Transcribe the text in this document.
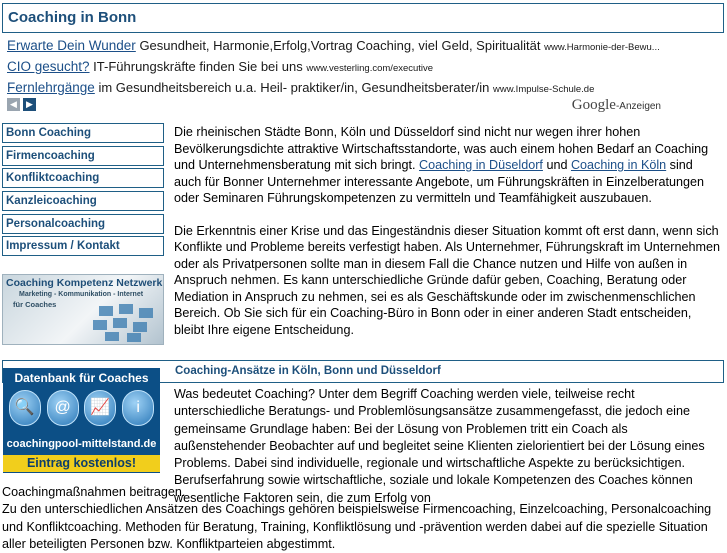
Coaching in Bonn
Erwarte Dein Wunder Gesundheit, Harmonie,Erfolg,Vortrag Coaching, viel Geld, Spiritualität www.Harmonie-der-Bewu...
CIO gesucht? IT-Führungskräfte finden Sie bei uns www.vesterling.com/executive
Fernlehrgänge im Gesundheitsbereich u.a. Heil- praktiker/in, Gesundheitsberater/in www.Impulse-Schule.de
◀	▶	Google -Anzeigen
Bonn Coaching
Firmencoaching
Konfliktcoaching
Kanzleicoaching
Personalcoaching
Impressum / Kontakt
Coaching Kompetenz Netzwerk
Marketing - Kommunikation - Internet
für Coaches

Die rheinischen Städte Bonn, Köln und Düsseldorf sind nicht nur wegen ihrer hohen Bevölkerungsdichte attraktive Wirtschaftsstandorte, was auch einem hohen Bedarf an Coaching und Unternehmensberatung mit sich bringt. Coaching in Düseldorf und Coaching in Köln sind auch für Bonner Unternehmer interessante Angebote, um Führungskräften in Einzelberatungen oder Seminaren Führungskompetenzen zu vermitteln und Teamfähigkeit auszubauen.

Die Erkenntnis einer Krise und das Eingeständnis dieser Situation kommt oft erst dann, wenn sich Konflikte und Probleme bereits verfestigt haben. Als Unternehmer, Führungskraft im Unternehmen oder als Privatpersonen sollte man in diesem Fall die Chance nutzen und Hilfe von außen in Anspruch nehmen. Es kann unterschiedliche Gründe dafür geben, Coaching, Beratung oder Mediation in Anspruch zu nehmen, sei es als Geschäftskunde oder im zwischenmenschlichen Bereich. Ob Sie sich für ein Coaching-Büro in Bonn oder in einer anderen Stadt entscheiden, bleibt Ihre eigene Entscheidung.

Coaching-Ansätze in Köln, Bonn und Düsseldorf
Datenbank für Coaches
🔍	@	📈	i
coachingpool-mittelstand.de
Eintrag kostenlos!
Was bedeutet Coaching? Unter dem Begriff Coaching werden viele, teilweise recht unterschiedliche Beratungs- und Problemlösungsansätze zusammengefasst, die jedoch eine gemeinsame Grundlage haben: Bei der Lösung von Problemen tritt ein Coach als außenstehender Beobachter auf und begleitet seine Klienten zielorientiert bei der Lösung eines Problems. Dabei sind individuelle, regionale und wirtschaftliche Aspekte zu berücksichtigen. Berufserfahrung sowie wirtschaftliche, soziale und lokale Kompetenzen des Coaches können wesentliche Faktoren sein, die zum Erfolg von
Coachingmaßnahmen beitragen.
Zu den unterschiedlichen Ansätzen des Coachings gehören beispielsweise Firmencoaching, Einzelcoaching, Personalcoaching und Konfliktcoaching. Methoden für Beratung, Training, Konfliktlösung und -prävention werden dabei auf die spezielle Situation aller beteiligten Personen bzw. Konfliktparteien abgestimmt.
